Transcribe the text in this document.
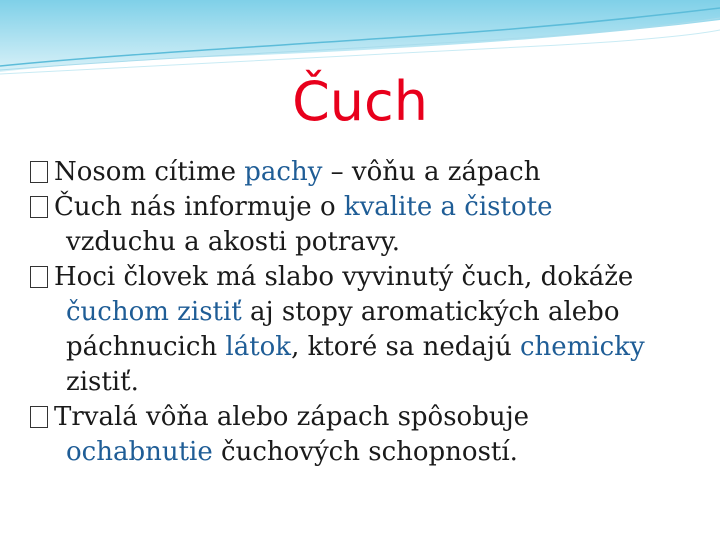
Čuch

Nosom cítime pachy – vôňu a zápach

Čuch nás informuje o kvalite a čistote
vzduchu a akosti potravy.

Hoci človek má slabo vyvinutý čuch, dokáže
čuchom zistiť aj stopy aromatických alebo
páchnucich látok, ktoré sa nedajú chemicky
zistiť.

Trvalá vôňa alebo zápach spôsobuje
ochabnutie čuchových schopností.
